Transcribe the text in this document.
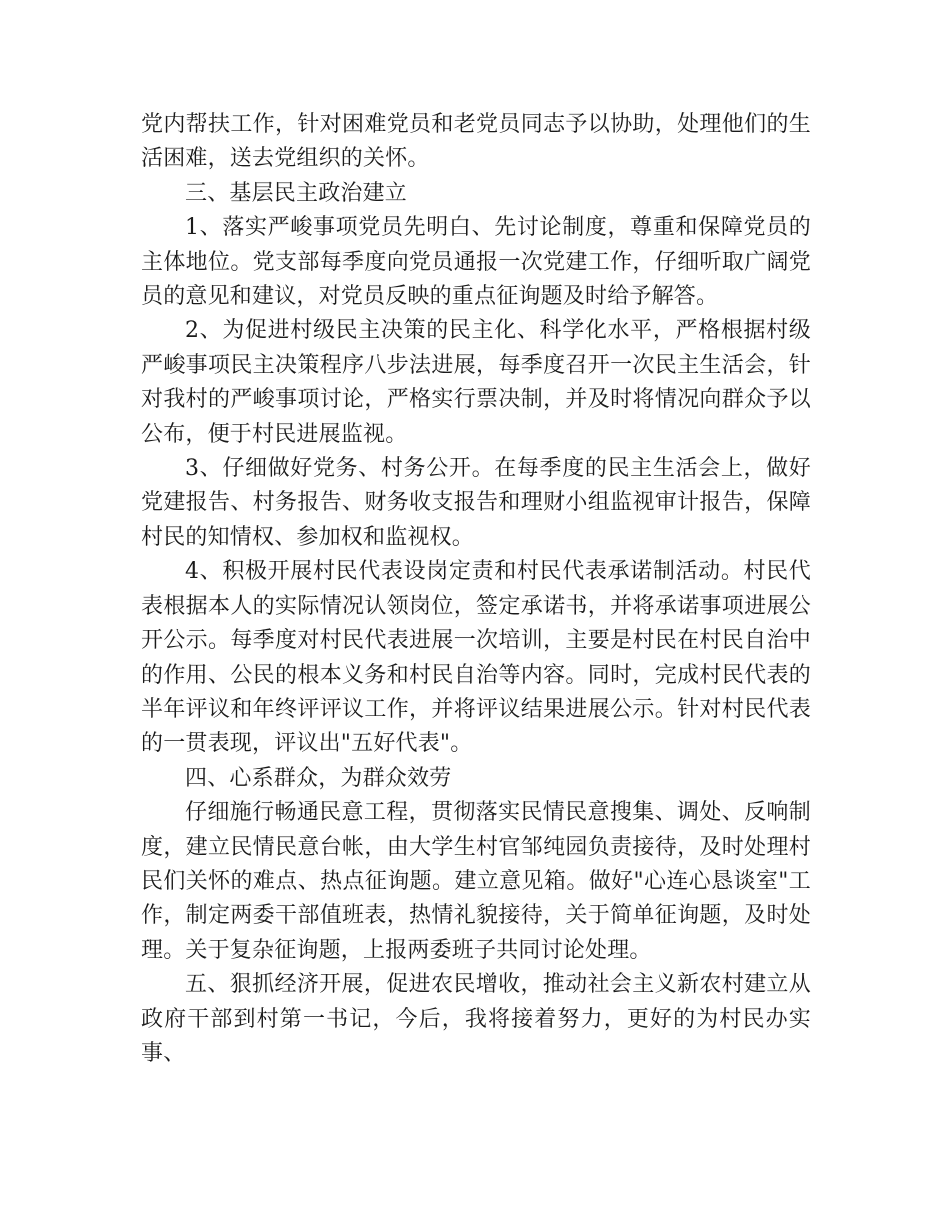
党内帮扶工作，针对困难党员和老党员同志予以协助，处理他们的生活困难，送去党组织的关怀。

三、基层民主政治建立

1、落实严峻事项党员先明白、先讨论制度，尊重和保障党员的主体地位。党支部每季度向党员通报一次党建工作，仔细听取广阔党员的意见和建议，对党员反映的重点征询题及时给予解答。

2、为促进村级民主决策的民主化、科学化水平，严格根据村级严峻事项民主决策程序八步法进展，每季度召开一次民主生活会，针对我村的严峻事项讨论，严格实行票决制，并及时将情况向群众予以公布，便于村民进展监视。

3、仔细做好党务、村务公开。在每季度的民主生活会上，做好党建报告、村务报告、财务收支报告和理财小组监视审计报告，保障村民的知情权、参加权和监视权。

4、积极开展村民代表设岗定责和村民代表承诺制活动。村民代表根据本人的实际情况认领岗位，签定承诺书，并将承诺事项进展公开公示。每季度对村民代表进展一次培训，主要是村民在村民自治中的作用、公民的根本义务和村民自治等内容。同时，完成村民代表的半年评议和年终评评议工作，并将评议结果进展公示。针对村民代表的一贯表现，评议出"五好代表"。

四、心系群众，为群众效劳

仔细施行畅通民意工程，贯彻落实民情民意搜集、调处、反响制度，建立民情民意台帐，由大学生村官邹纯园负责接待，及时处理村民们关怀的难点、热点征询题。建立意见箱。做好"心连心恳谈室"工作，制定两委干部值班表，热情礼貌接待，关于简单征询题，及时处理。关于复杂征询题，上报两委班子共同讨论处理。

五、狠抓经济开展，促进农民增收，推动社会主义新农村建立从政府干部到村第一书记，今后，我将接着努力，更好的为村民办实事、
